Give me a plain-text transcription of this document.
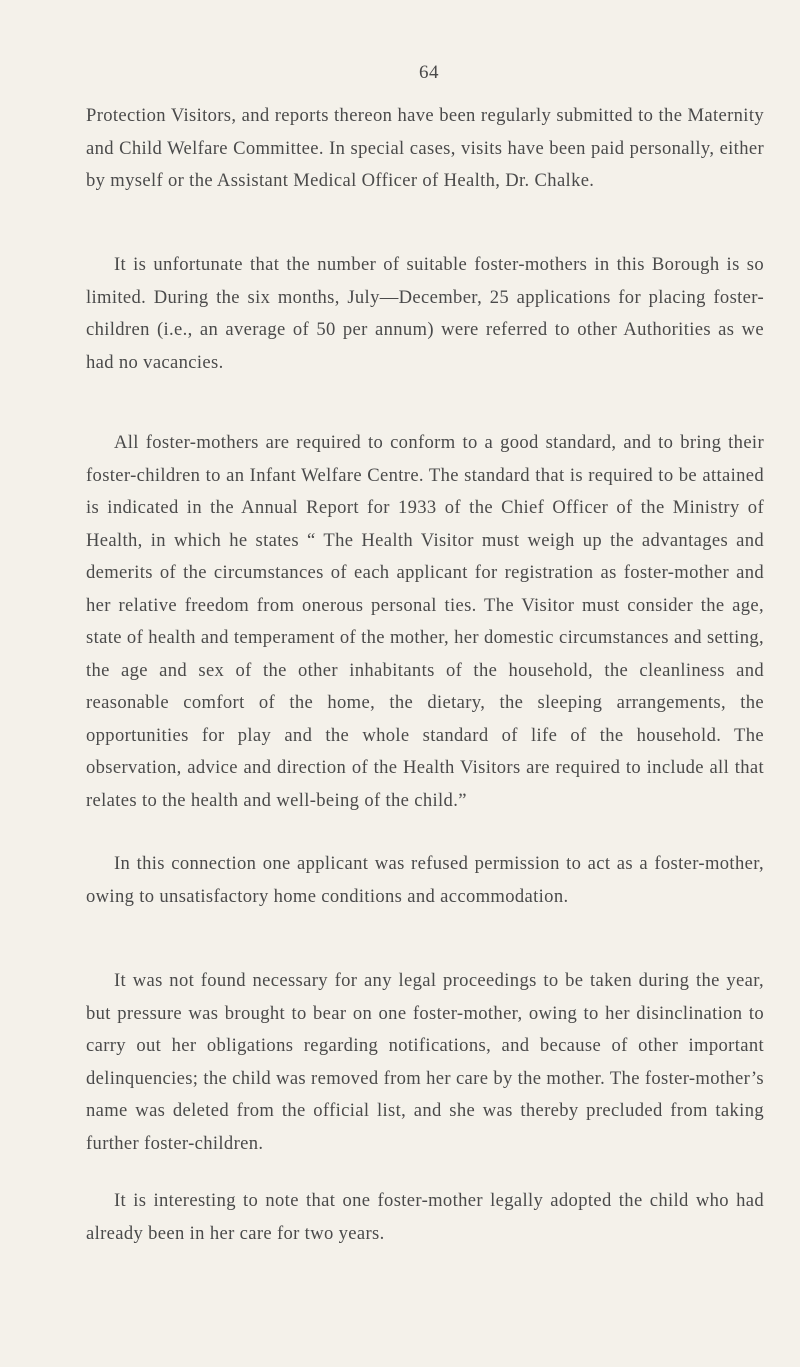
64

Protection Visitors, and reports thereon have been regularly submitted to the Maternity and Child Welfare Committee. In special cases, visits have been paid personally, either by myself or the Assistant Medical Officer of Health, Dr. Chalke.

It is unfortunate that the number of suitable foster-mothers in this Borough is so limited. During the six months, July—December, 25 applications for placing foster-children (i.e., an average of 50 per annum) were referred to other Authorities as we had no vacancies.

All foster-mothers are required to conform to a good standard, and to bring their foster-children to an Infant Welfare Centre. The standard that is required to be attained is indicated in the Annual Report for 1933 of the Chief Officer of the Ministry of Health, in which he states “ The Health Visitor must weigh up the advantages and demerits of the circumstances of each applicant for registration as foster-mother and her relative freedom from onerous personal ties. The Visitor must consider the age, state of health and temperament of the mother, her domestic circumstances and setting, the age and sex of the other inhabitants of the household, the cleanliness and reasonable comfort of the home, the dietary, the sleeping arrangements, the opportunities for play and the whole standard of life of the household. The observation, advice and direction of the Health Visitors are required to include all that relates to the health and well-being of the child.”

In this connection one applicant was refused permission to act as a foster-mother, owing to unsatisfactory home conditions and accommodation.

It was not found necessary for any legal proceedings to be taken during the year, but pressure was brought to bear on one foster-mother, owing to her disinclination to carry out her obligations regarding notifications, and because of other important delinquencies; the child was removed from her care by the mother. The foster-mother’s name was deleted from the official list, and she was thereby precluded from taking further foster-children.

It is interesting to note that one foster-mother legally adopted the child who had already been in her care for two years.
